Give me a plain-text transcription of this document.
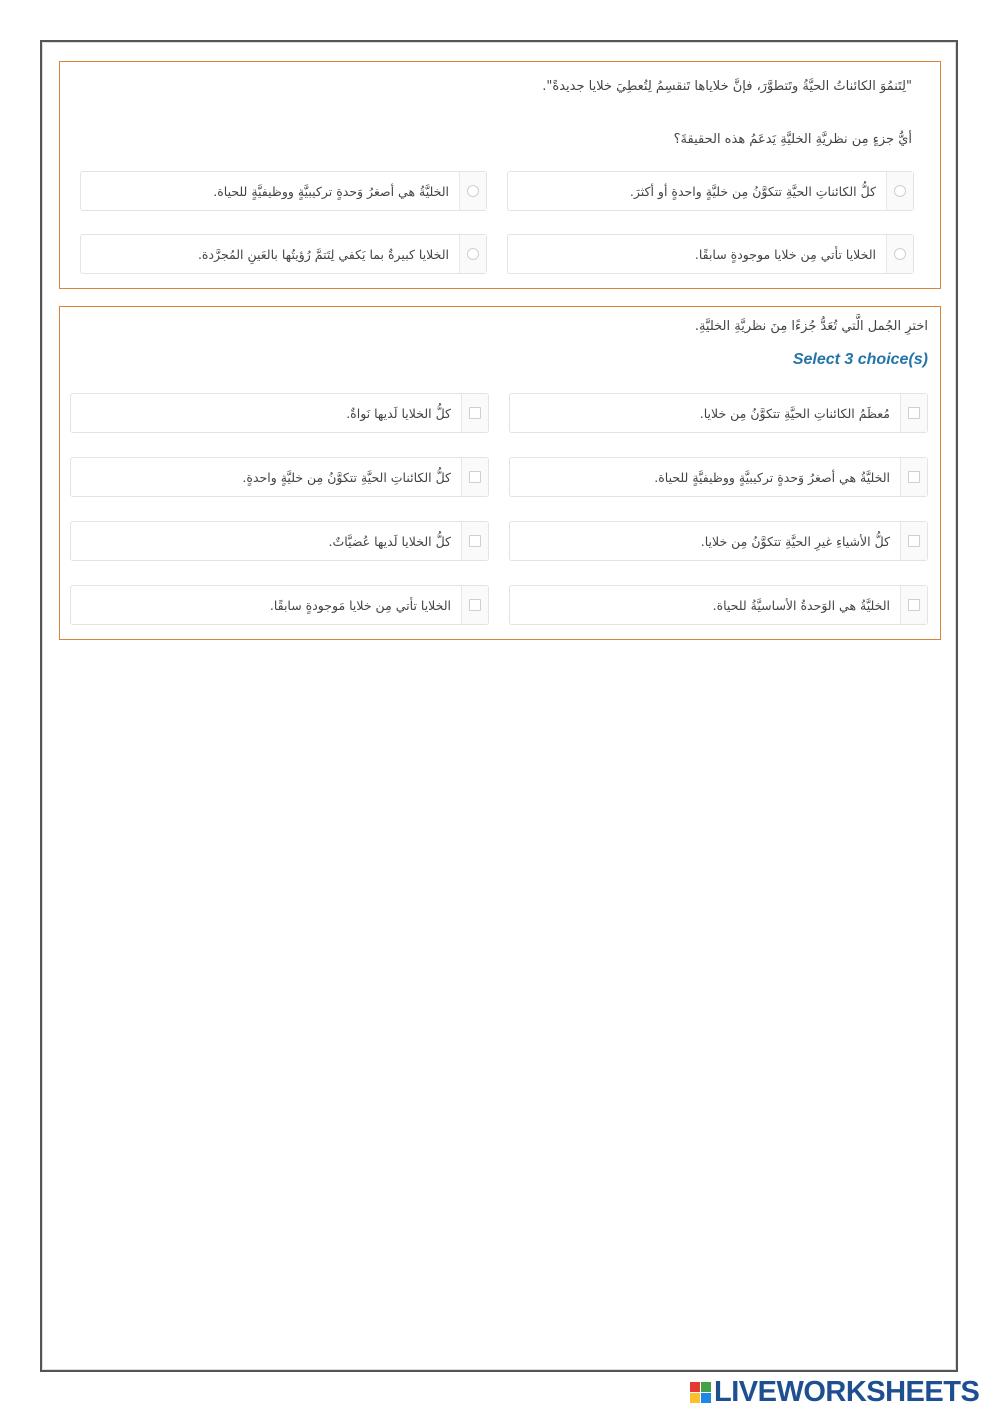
"لِتَنمُوَ الكائناتُ الحيَّةُ وتَتطوَّرَ، فإنَّ خلاياها تَنقسِمُ لِتُعطِيَ خلايا جديدةً".
أيُّ جزءٍ مِن نظريَّةِ الخليَّةِ يَدعَمُ هذه الحقيقةَ؟
كلُّ الكائناتِ الحيَّةِ تتكوَّنُ مِن خليَّةٍ واحدةٍ أو أكثرَ.
الخليَّةُ هي أصغرُ وَحدةٍ تركيبيَّةٍ ووظيفيَّةٍ للحياة.
الخلايا تأتي مِن خلايا موجودةٍ سابقًا.
الخلايا كبيرةٌ بما يَكفي لِتَتمَّ رُؤيتُها بالعَينِ المُجرَّدة.
اخترِ الجُمل الَّتي تُعَدُّ جُزءًا مِنَ نظريَّةِ الخليَّةِ.
Select 3 choice(s)
مُعظَمُ الكائناتِ الحيَّةِ تتكوَّنُ مِن خلايا.
كلُّ الخلايا لَديها نَواةٌ.
الخليَّةُ هي أصغرُ وَحدةٍ تركيبيَّةٍ ووظيفيَّةٍ للحياة.
كلُّ الكائناتِ الحيَّةِ تتكوَّنُ مِن خليَّةٍ واحدةٍ.
كلُّ الأشياءِ غيرِ الحيَّةِ تتكوَّنُ مِن خلايا.
كلُّ الخلايا لَديها عُضيَّاتٌ.
الخليَّةُ هي الوَحدةُ الأساسيَّةُ للحياة.
الخلايا تأتي مِن خلايا مَوجودةٍ سابقًا.
LIVEWORKSHEETS
